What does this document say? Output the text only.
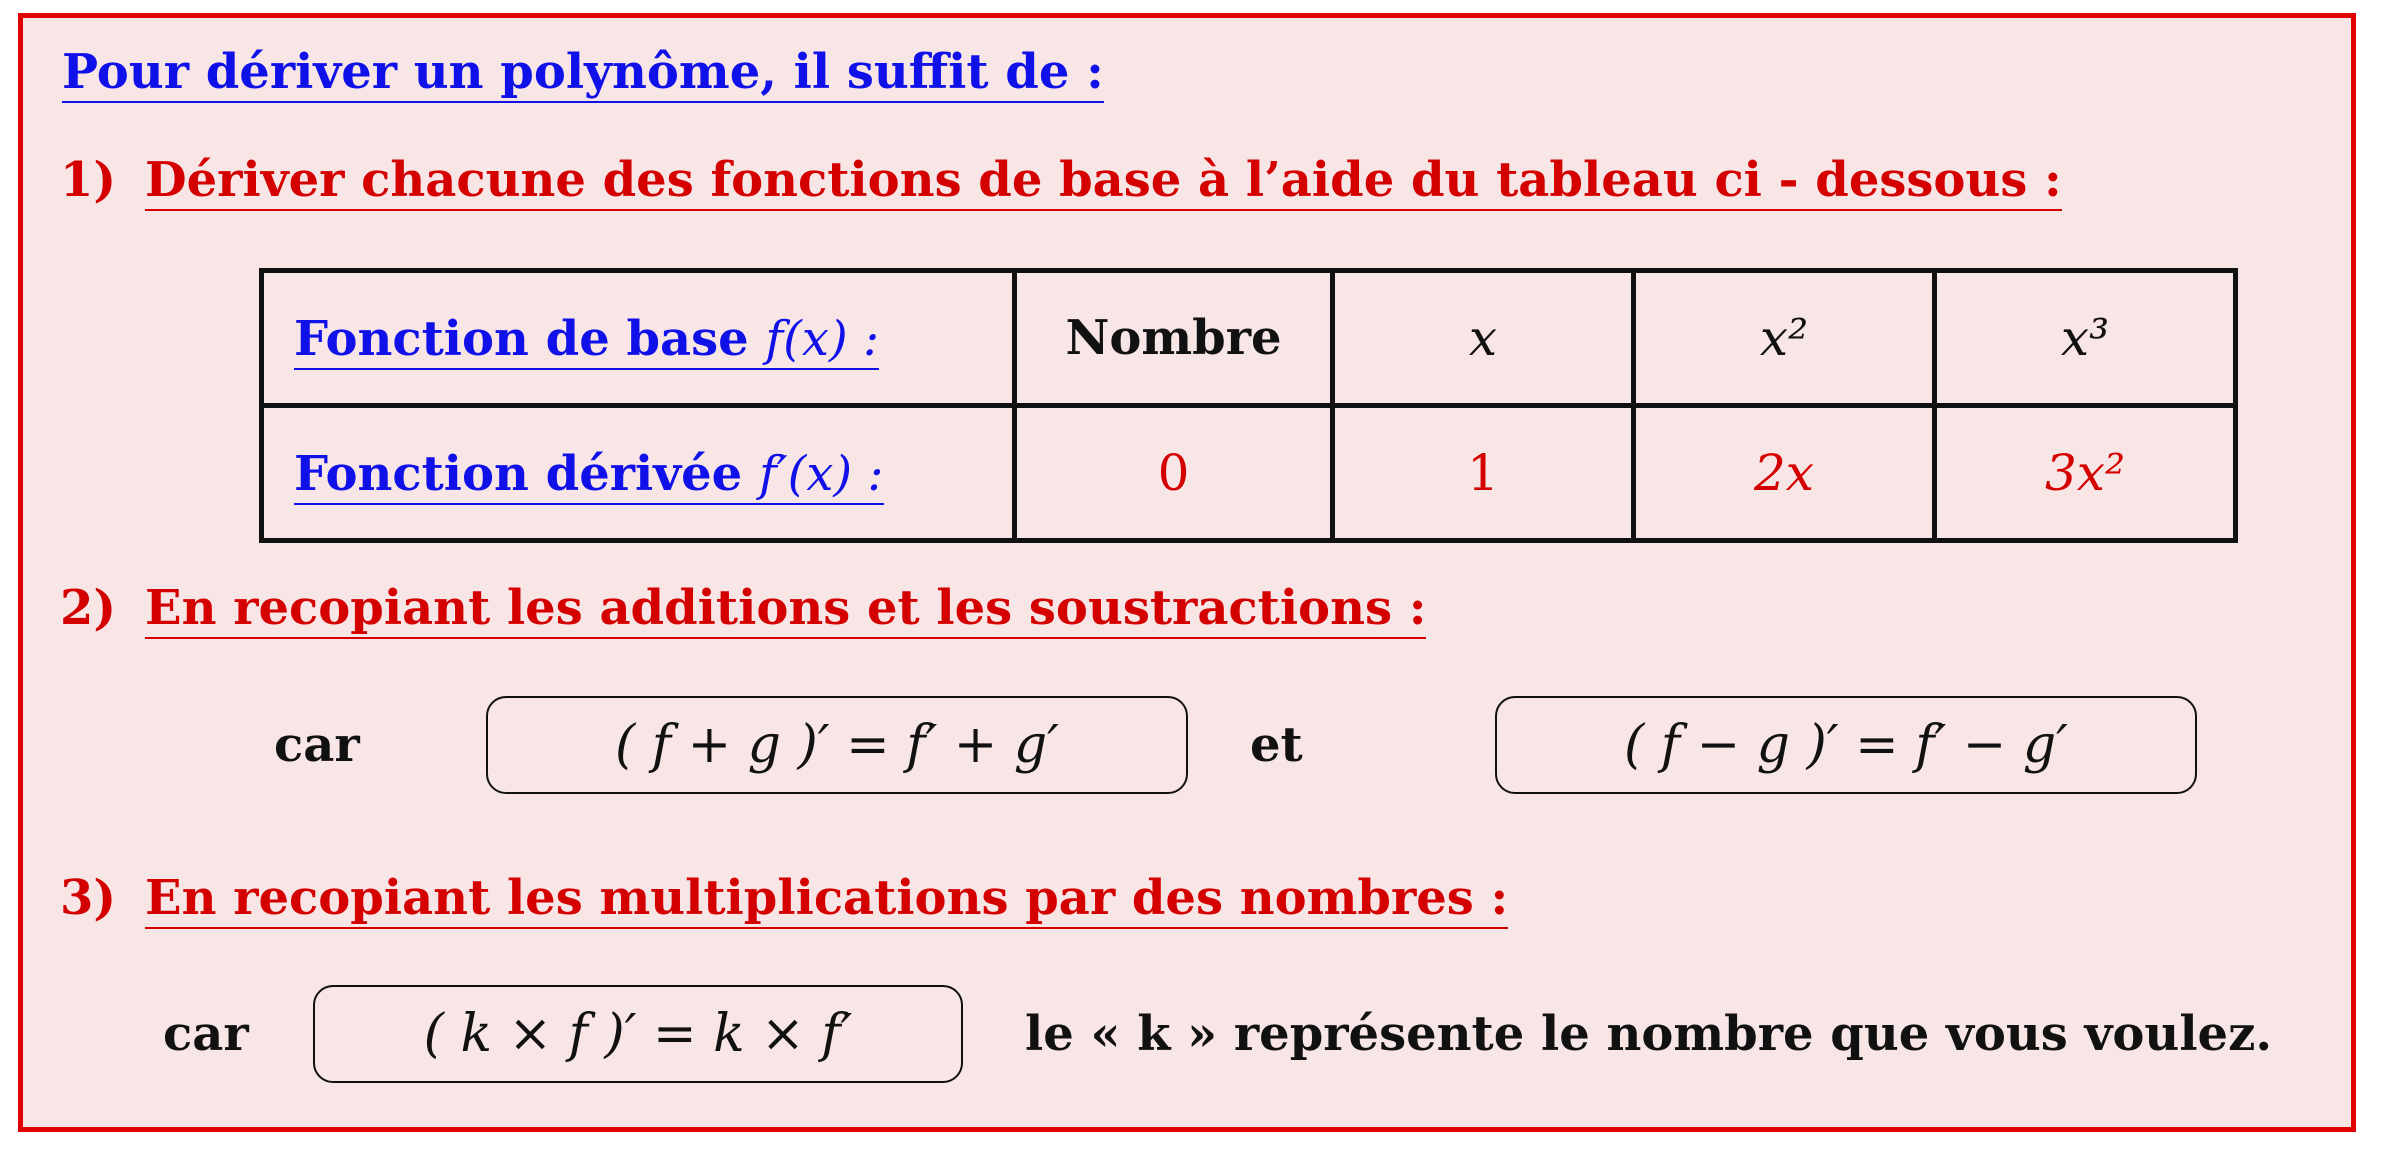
Pour dériver un polynôme, il suffit de :
1) Dériver chacune des fonctions de base à l’aide du tableau ci - dessous :
Fonction de base f(x) :	Nombre	x	x²	x³
Fonction dérivée f′(x) :	0	1	2x	3x²
2) En recopiant les additions et les soustractions :
car	( f + g )′ = f′ + g′	et	( f − g )′ = f′ − g′
3) En recopiant les multiplications par des nombres :
car	( k × f )′ = k × f′	le « k » représente le nombre que vous voulez.
